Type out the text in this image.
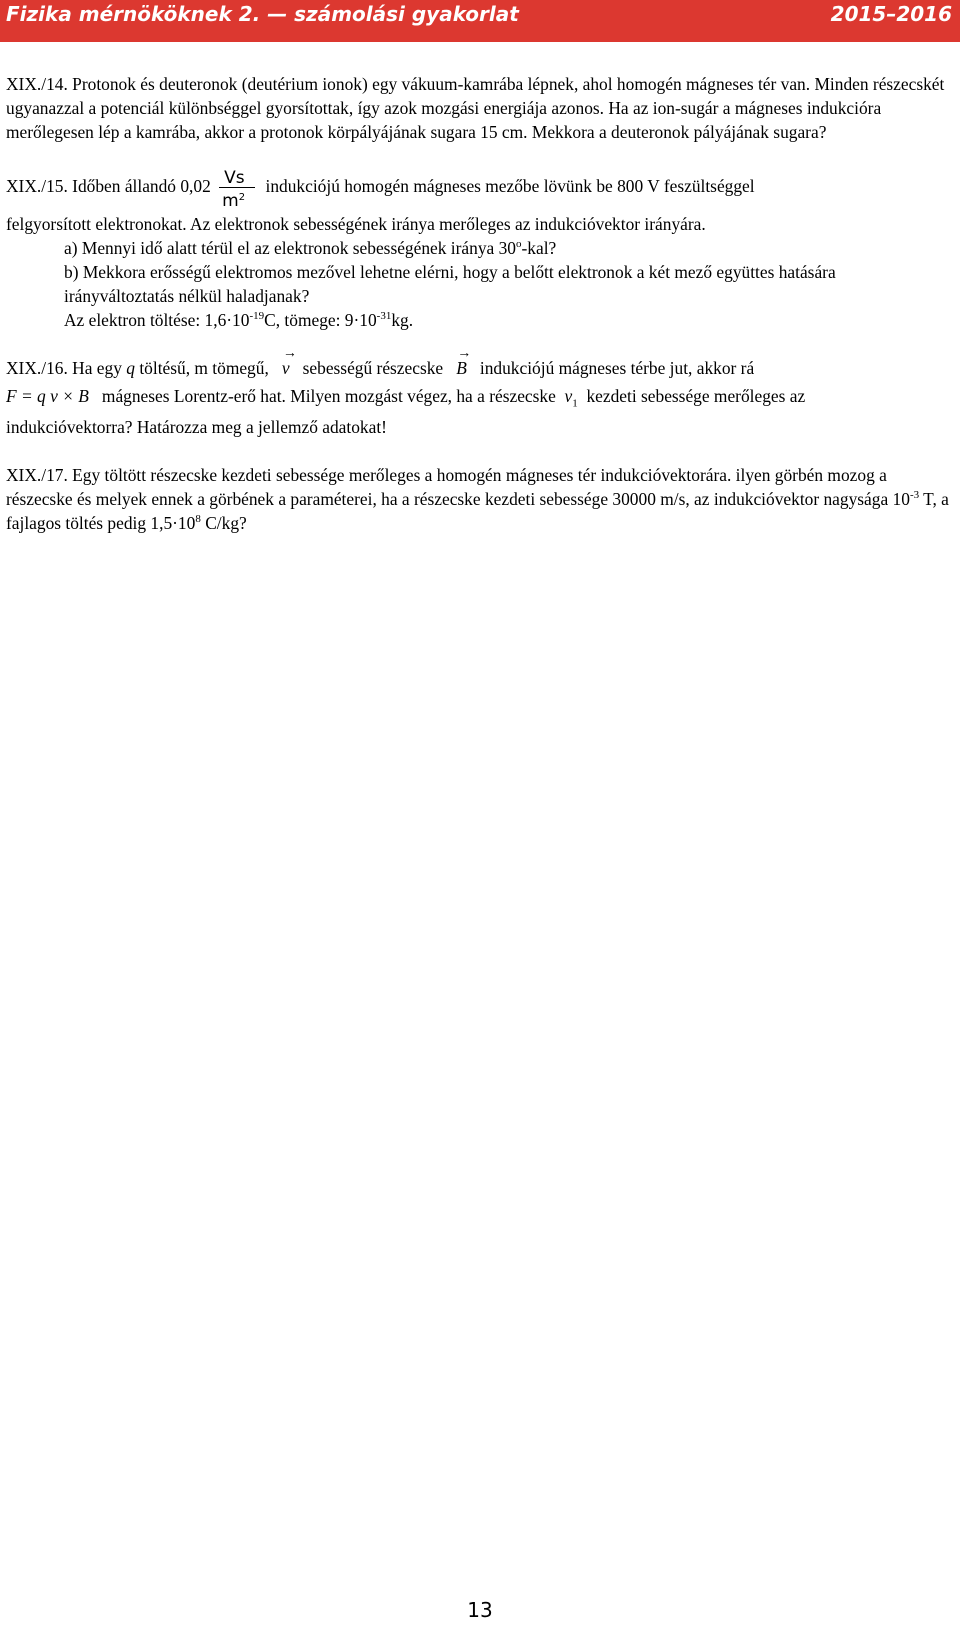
Fizika mérnököknek 2. — számolási gyakorlat	2015–2016

XIX./14. Protonok és deuteronok (deutérium ionok) egy vákuum-kamrába lépnek, ahol homogén mágneses tér van. Minden részecskét ugyanazzal a potenciál különbséggel gyorsítottak, így azok mozgási energiája azonos. Ha az ion-sugár a mágneses indukcióra merőlegesen lép a kamrába, akkor a protonok körpályájának sugara 15 cm. Mekkora a deuteronok pályájának sugara?

XIX./15. Időben állandó $0,02 \frac{Vs}{m^2}$ indukciójú homogén mágneses mezőbe lövünk be 800 V feszültséggel

felgyorsított elektronokat. Az elektronok sebességének iránya merőleges az indukcióvektor irányára.

a) Mennyi idő alatt térül el az elektronok sebességének iránya 30$^o$-kal?

b) Mekkora erősségű elektromos mezővel lehetne elérni, hogy a belőtt elektronok a két mező együttes hatására irányváltoztatás nélkül haladjanak?

Az elektron töltése: $1,6\cdot 10^{-19}C$, tömege: $9\cdot 10^{-31}kg$.

XIX./16. Ha egy q töltésű, m tömegű,
→
v sebességű részecske
→
B indukciójú mágneses térbe jut, akkor rá

F = q v × B mágneses Lorentz-erő hat. Milyen mozgást végez, ha a részecske $v_1$ kezdeti sebessége merőleges az

indukcióvektorra? Határozza meg a jellemző adatokat!

XIX./17. Egy töltött részecske kezdeti sebessége merőleges a homogén mágneses tér indukcióvektorára. ilyen görbén mozog a részecske és melyek ennek a görbének a paraméterei, ha a részecske kezdeti sebessége 30000 m/s, az indukcióvektor nagysága $10^{-3}$ T, a fajlagos töltés pedig $1,5\cdot 10^8$ C/kg?

13
